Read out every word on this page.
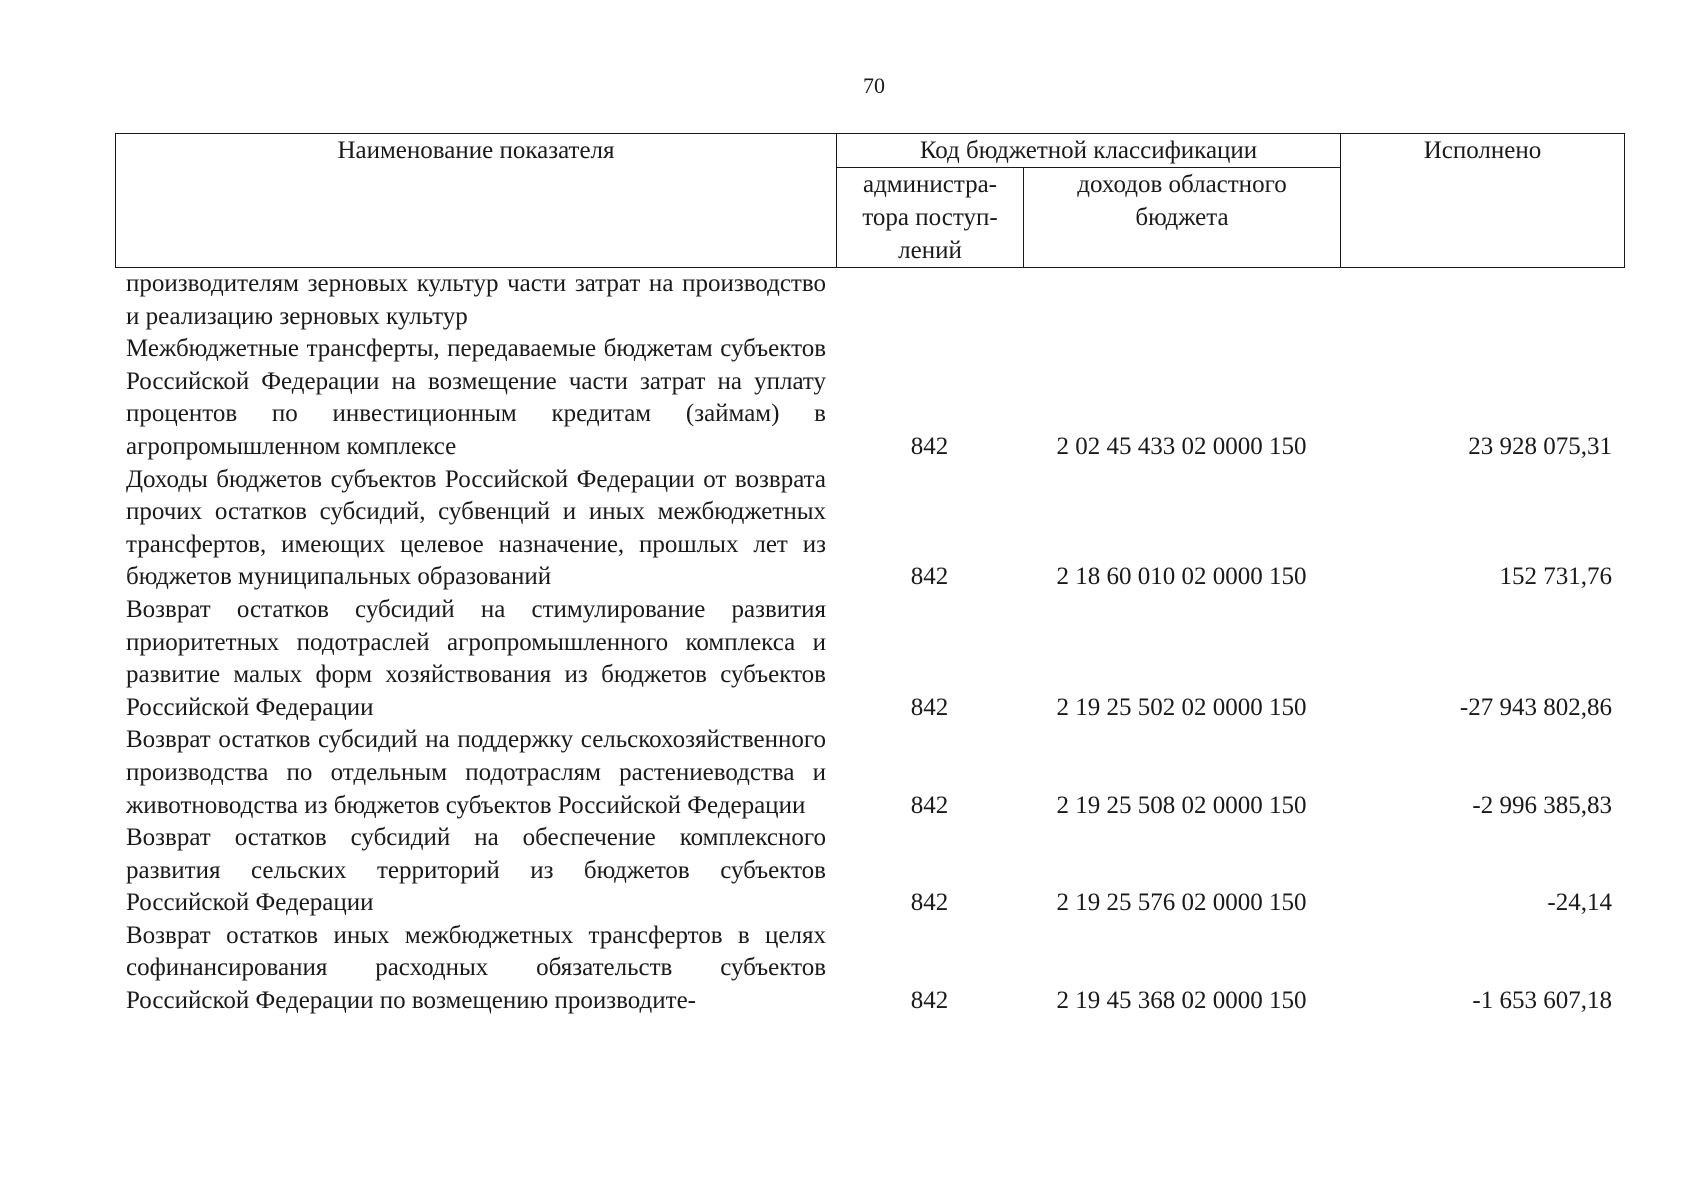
70
Наименование показателя	Код бюджетной классификации		Исполнено

	администра-
тора поступ-
лений	доходов областного
бюджета	
производителям зерновых культур части затрат на производство и реализацию зерновых культур			
Межбюджетные трансферты, передаваемые бюджетам субъектов Российской Федерации на возмещение части затрат на уплату процентов по инвестиционным кредитам (займам) в агропромышленном комплексе	842	2 02 45 433 02 0000 150	23 928 075,31
Доходы бюджетов субъектов Российской Федерации от возврата прочих остатков субсидий, субвенций и иных межбюджетных трансфертов, имеющих целевое назначение, прошлых лет из бюджетов муниципальных образований	842	2 18 60 010 02 0000 150	152 731,76
Возврат остатков субсидий на стимулирование развития приоритетных подотраслей агропромышленного комплекса и развитие малых форм хозяйствования из бюджетов субъектов Российской Федерации	842	2 19 25 502 02 0000 150	-27 943 802,86
Возврат остатков субсидий на поддержку сельскохозяйственного производства по отдельным подотраслям растениеводства и животноводства из бюджетов субъектов Российской Федерации	842	2 19 25 508 02 0000 150	-2 996 385,83
Возврат остатков субсидий на обеспечение комплексного развития сельских территорий из бюджетов субъектов Российской Федерации	842	2 19 25 576 02 0000 150	-24,14
Возврат остатков иных межбюджетных трансфертов в целях софинансирования расходных обязательств субъектов Российской Федерации по возмещению производите-	842	2 19 45 368 02 0000 150	-1 653 607,18
